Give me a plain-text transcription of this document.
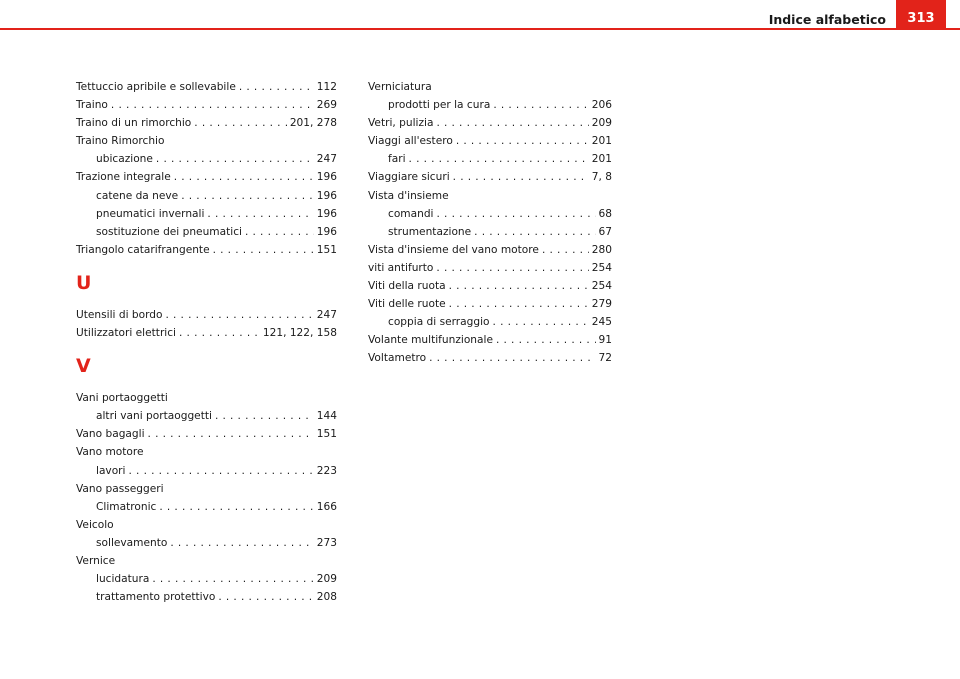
Indice alfabetico	313
Tettuccio apribile e sollevabile . . .	112
Traino . . .	269
Traino di un rimorchio . . .	201, 278
Traino Rimorchio
ubicazione . . .	247
Trazione integrale . . .	196
catene da neve . . .	196
pneumatici invernali . . .	196
sostituzione dei pneumatici . . .	196
Triangolo catarifrangente . . .	151
U
Utensili di bordo . . .	247
Utilizzatori elettrici . . .	121, 122, 158
V
Vani portaoggetti
altri vani portaoggetti . . .	144
Vano bagagli . . .	151
Vano motore
lavori . . .	223
Vano passeggeri
Climatronic . . .	166
Veicolo
sollevamento . . .	273
Vernice
lucidatura . . .	209
trattamento protettivo . . .	208
Verniciatura
prodotti per la cura . . .	206
Vetri, pulizia . . .	209
Viaggi all'estero . . .	201
fari . . .	201
Viaggiare sicuri . . .	7, 8
Vista d'insieme
comandi . . .	68
strumentazione . . .	67
Vista d'insieme del vano motore . . .	280
viti antifurto . . .	254
Viti della ruota . . .	254
Viti delle ruote . . .	279
coppia di serraggio . . .	245
Volante multifunzionale . . .	91
Voltametro . . .	72
